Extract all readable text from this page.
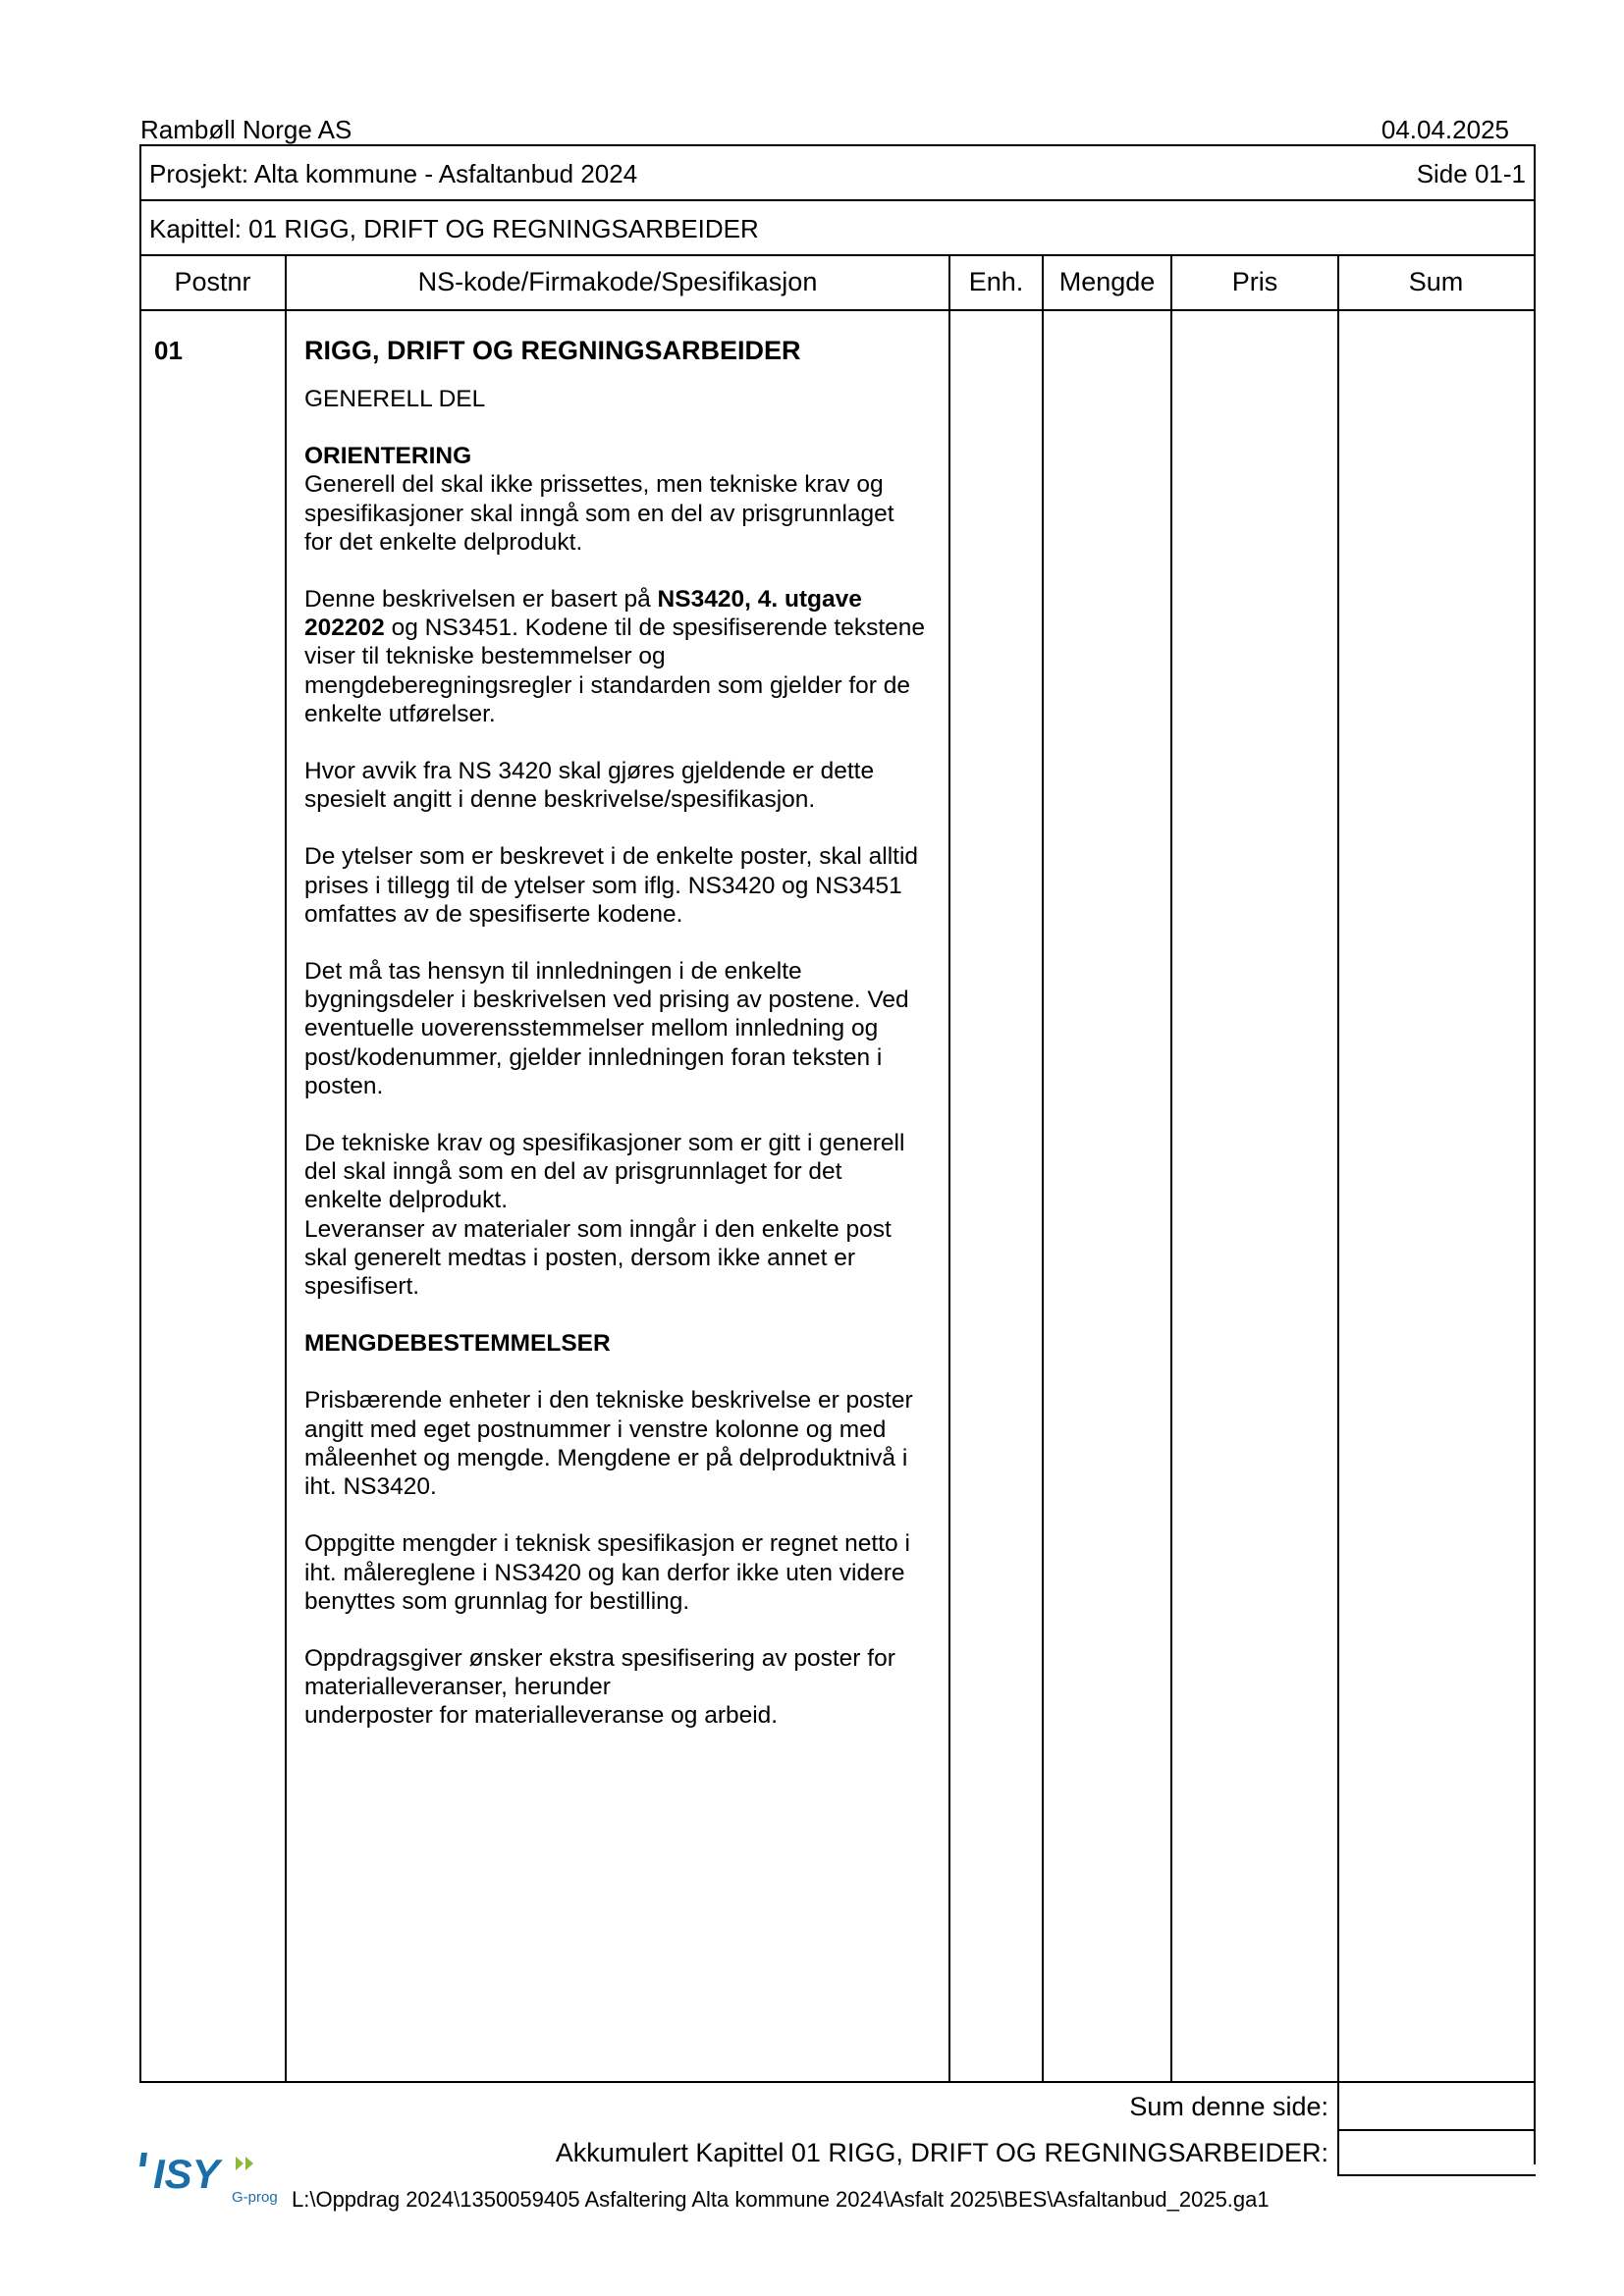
Rambøll Norge AS	04.04.2025
Prosjekt: Alta kommune - Asfaltanbud 2024	Side 01-1
Kapittel: 01 RIGG, DRIFT OG REGNINGSARBEIDER
Postnr	NS-kode/Firmakode/Spesifikasjon	Enh.	Mengde	Pris	Sum
01	RIGG, DRIFT OG REGNINGSARBEIDER

GENERELL DEL

ORIENTERING
Generell del skal ikke prissettes, men tekniske krav og
spesifikasjoner skal inngå som en del av prisgrunnlaget
for det enkelte delprodukt.

Denne beskrivelsen er basert på NS3420, 4. utgave
202202 og NS3451. Kodene til de spesifiserende tekstene
viser til tekniske bestemmelser og
mengdeberegningsregler i standarden som gjelder for de
enkelte utførelser.

Hvor avvik fra NS 3420 skal gjøres gjeldende er dette
spesielt angitt i denne beskrivelse/spesifikasjon.

De ytelser som er beskrevet i de enkelte poster, skal alltid
prises i tillegg til de ytelser som iflg. NS3420 og NS3451
omfattes av de spesifiserte kodene.

Det må tas hensyn til innledningen i de enkelte
bygningsdeler i beskrivelsen ved prising av postene. Ved
eventuelle uoverensstemmelser mellom innledning og
post/kodenummer, gjelder innledningen foran teksten i
posten.

De tekniske krav og spesifikasjoner som er gitt i generell
del skal inngå som en del av prisgrunnlaget for det
enkelte delprodukt.
Leveranser av materialer som inngår i den enkelte post
skal generelt medtas i posten, dersom ikke annet er
spesifisert.

MENGDEBESTEMMELSER

Prisbærende enheter i den tekniske beskrivelse er poster
angitt med eget postnummer i venstre kolonne og med
måleenhet og mengde. Mengdene er på delproduktnivå i
iht. NS3420.

Oppgitte mengder i teknisk spesifikasjon er regnet netto i
iht. målereglene i NS3420 og kan derfor ikke uten videre
benyttes som grunnlag for bestilling.

Oppdragsgiver ønsker ekstra spesifisering av poster for
materialleveranser, herunder
underposter for materialleveranse og arbeid.

Sum denne side:
Akkumulert Kapittel 01 RIGG, DRIFT OG REGNINGSARBEIDER:
ISY
G-prog L:\Oppdrag 2024\1350059405 Asfaltering Alta kommune 2024\Asfalt 2025\BES\Asfaltanbud_2025.ga1
